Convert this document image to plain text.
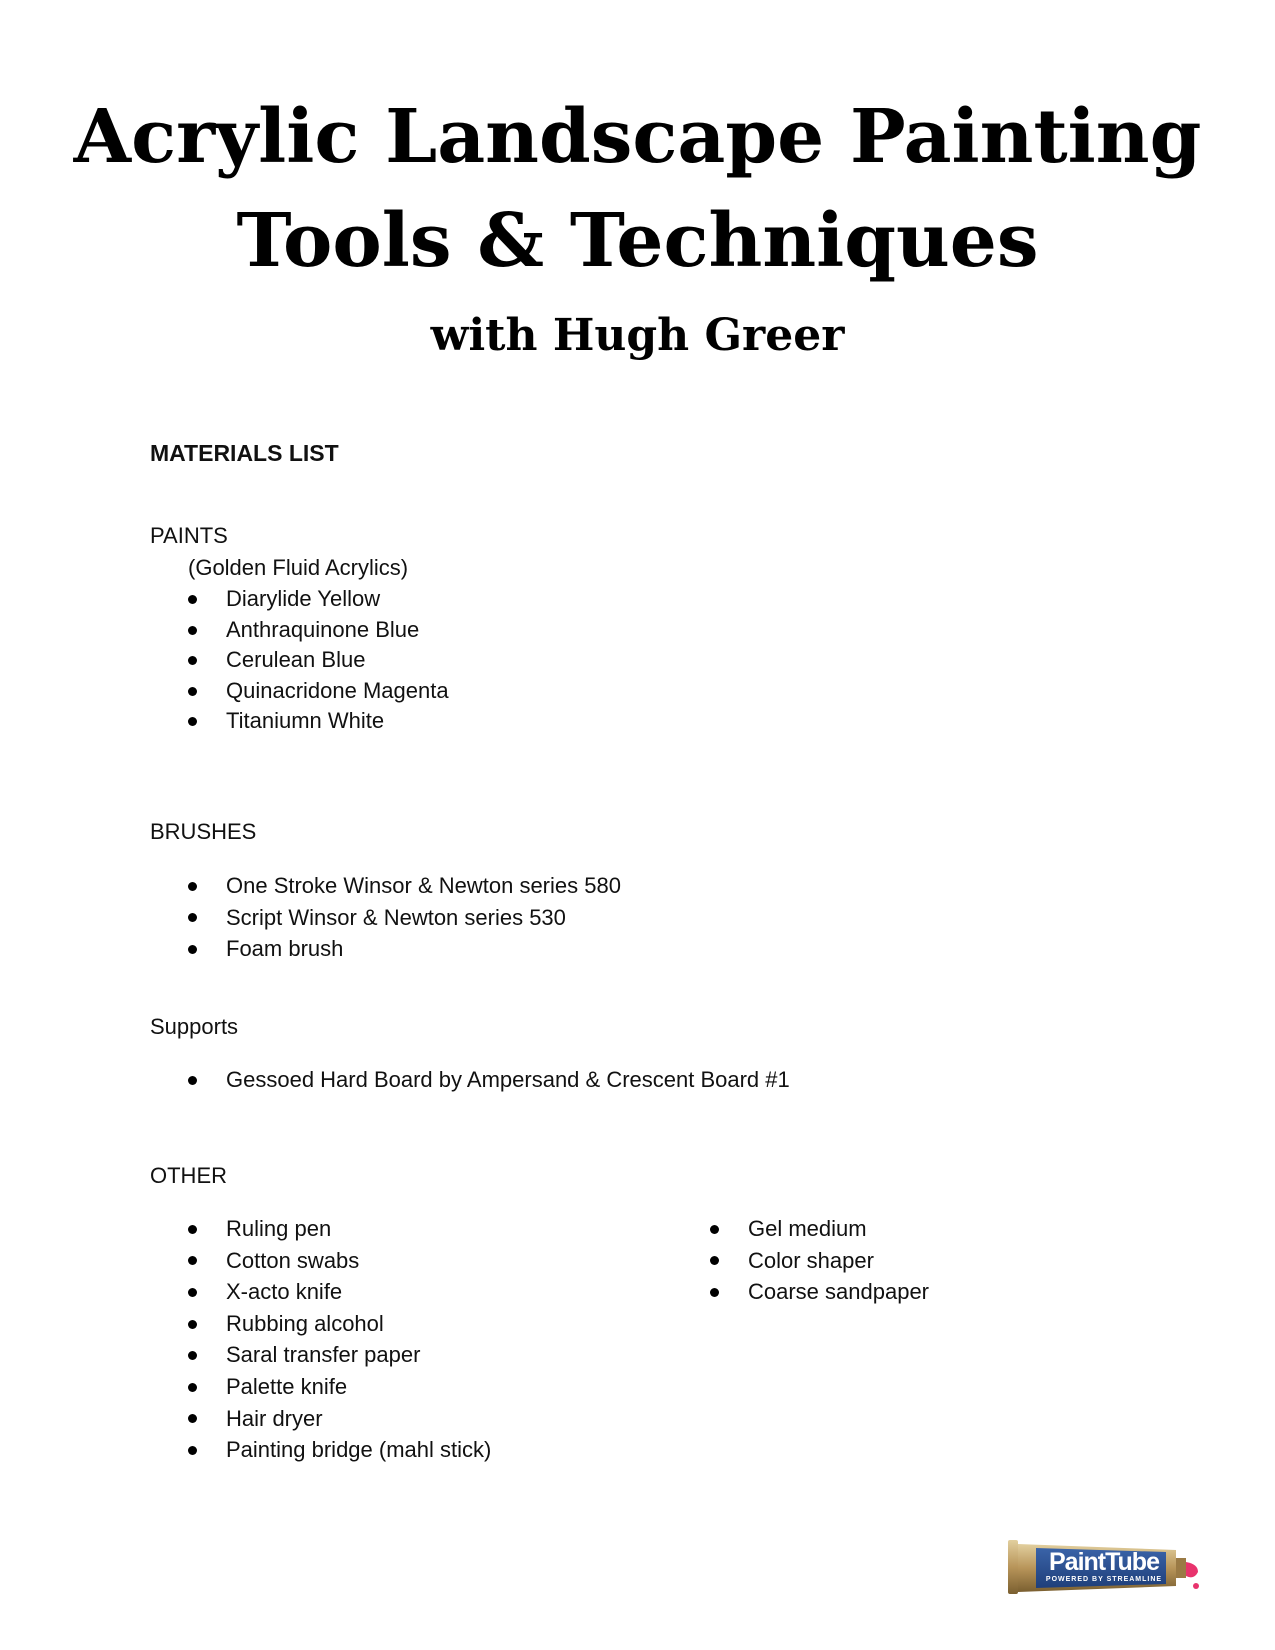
Acrylic Landscape Painting
Tools & Techniques
with Hugh Greer
MATERIALS LIST
PAINTS
(Golden Fluid Acrylics)
Diarylide Yellow
Anthraquinone Blue
Cerulean Blue
Quinacridone Magenta
Titaniumn White
BRUSHES
One Stroke Winsor & Newton series 580
Script Winsor & Newton series 530
Foam brush
Supports
Gessoed Hard Board by Ampersand & Crescent Board #1
OTHER
Ruling pen
Cotton swabs
X-acto knife
Rubbing alcohol
Saral transfer paper
Palette knife
Hair dryer
Painting bridge (mahl stick)
Gel medium
Color shaper
Coarse sandpaper
PaintTube
POWERED BY STREAMLINE
